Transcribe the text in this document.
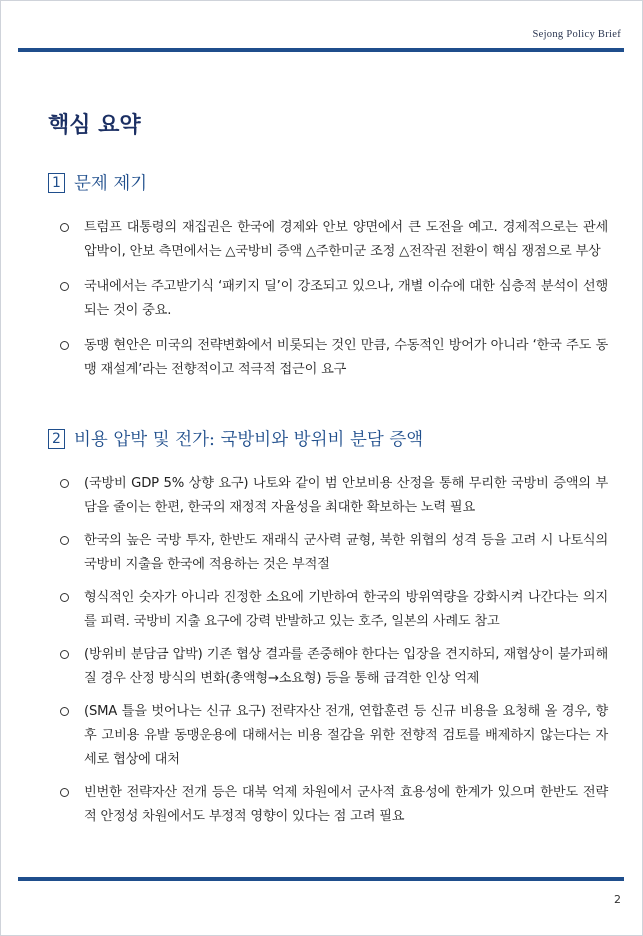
Sejong Policy Brief
핵심 요약
1 문제 제기
트럼프 대통령의 재집권은 한국에 경제와 안보 양면에서 큰 도전을 예고. 경제적으로는 관세 압박이, 안보 측면에서는 △국방비 증액 △주한미군 조정 △전작권 전환이 핵심 쟁점으로 부상
국내에서는 주고받기식 ‘패키지 딜’이 강조되고 있으나, 개별 이슈에 대한 심층적 분석이 선행되는 것이 중요.
동맹 현안은 미국의 전략변화에서 비롯되는 것인 만큼, 수동적인 방어가 아니라 ‘한국 주도 동맹 재설계’라는 전향적이고 적극적 접근이 요구
2 비용 압박 및 전가: 국방비와 방위비 분담 증액
(국방비 GDP 5% 상향 요구) 나토와 같이 범 안보비용 산정을 통해 무리한 국방비 증액의 부담을 줄이는 한편, 한국의 재정적 자율성을 최대한 확보하는 노력 필요
한국의 높은 국방 투자, 한반도 재래식 군사력 균형, 북한 위협의 성격 등을 고려 시 나토식의 국방비 지출을 한국에 적용하는 것은 부적절
형식적인 숫자가 아니라 진정한 소요에 기반하여 한국의 방위역량을 강화시켜 나간다는 의지를 피력. 국방비 지출 요구에 강력 반발하고 있는 호주, 일본의 사례도 참고
(방위비 분담금 압박) 기존 협상 결과를 존중해야 한다는 입장을 견지하되, 재협상이 불가피해 질 경우 산정 방식의 변화(총액형→소요형) 등을 통해 급격한 인상 억제
(SMA 틀을 벗어나는 신규 요구) 전략자산 전개, 연합훈련 등 신규 비용을 요청해 올 경우, 향후 고비용 유발 동맹운용에 대해서는 비용 절감을 위한 전향적 검토를 배제하지 않는다는 자세로 협상에 대처
빈번한 전략자산 전개 등은 대북 억제 차원에서 군사적 효용성에 한계가 있으며 한반도 전략적 안정성 차원에서도 부정적 영향이 있다는 점 고려 필요
2
